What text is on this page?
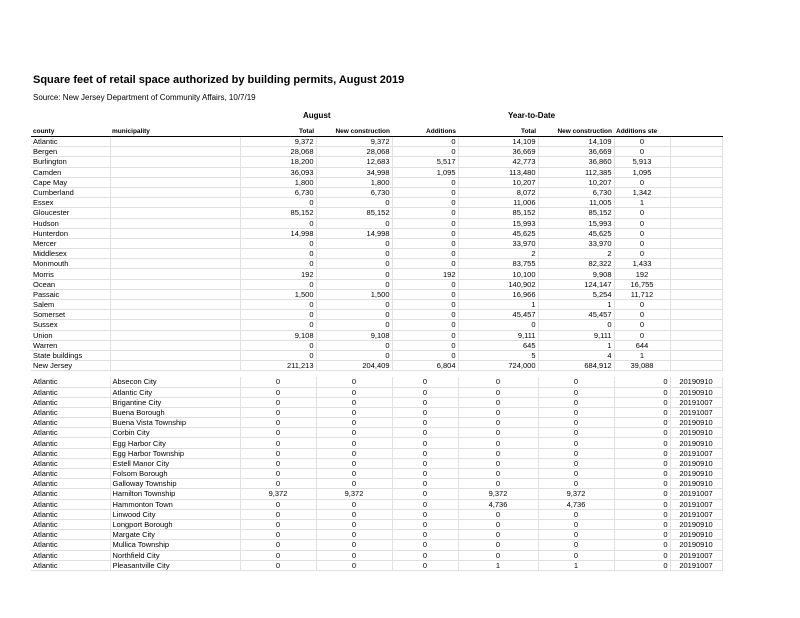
Square feet of retail space authorized by building permits, August 2019
Source: New Jersey Department of Community Affairs, 10/7/19
August	Year-to-Date
county	municipality	Total	New construction	Additions	Total	New construction	Additions ste	
Atlantic		9,372	9,372	0	14,109	14,109	0	
Bergen		28,068	28,068	0	36,669	36,669	0	
Burlington		18,200	12,683	5,517	42,773	36,860	5,913	
Camden		36,093	34,998	1,095	113,480	112,385	1,095	
Cape May		1,800	1,800	0	10,207	10,207	0	
Cumberland		6,730	6,730	0	8,072	6,730	1,342	
Essex		0	0	0	11,006	11,005	1	
Gloucester		85,152	85,152	0	85,152	85,152	0	
Hudson		0	0	0	15,993	15,993	0	
Hunterdon		14,998	14,998	0	45,625	45,625	0	
Mercer		0	0	0	33,970	33,970	0	
Middlesex		0	0	0	2	2	0	
Monmouth		0	0	0	83,755	82,322	1,433	
Morris		192	0	192	10,100	9,908	192	
Ocean		0	0	0	140,902	124,147	16,755	
Passaic		1,500	1,500	0	16,966	5,254	11,712	
Salem		0	0	0	1	1	0	
Somerset		0	0	0	45,457	45,457	0	
Sussex		0	0	0	0	0	0	
Union		9,108	9,108	0	9,111	9,111	0	
Warren		0	0	0	645	1	644	
State buildings		0	0	0	5	4	1	
New Jersey		211,213	204,409	6,804	724,000	684,912	39,088	

Atlantic	Absecon City	0	0	0	0	0	0	20190910
Atlantic	Atlantic City	0	0	0	0	0	0	20190910
Atlantic	Brigantine City	0	0	0	0	0	0	20191007
Atlantic	Buena Borough	0	0	0	0	0	0	20191007
Atlantic	Buena Vista Township	0	0	0	0	0	0	20190910
Atlantic	Corbin City	0	0	0	0	0	0	20190910
Atlantic	Egg Harbor City	0	0	0	0	0	0	20190910
Atlantic	Egg Harbor Township	0	0	0	0	0	0	20191007
Atlantic	Estell Manor City	0	0	0	0	0	0	20190910
Atlantic	Folsom Borough	0	0	0	0	0	0	20190910
Atlantic	Galloway Township	0	0	0	0	0	0	20190910
Atlantic	Hamilton Township	9,372	9,372	0	9,372	9,372	0	20191007
Atlantic	Hammonton Town	0	0	0	4,736	4,736	0	20191007
Atlantic	Linwood City	0	0	0	0	0	0	20191007
Atlantic	Longport Borough	0	0	0	0	0	0	20190910
Atlantic	Margate City	0	0	0	0	0	0	20190910
Atlantic	Mullica Township	0	0	0	0	0	0	20190910
Atlantic	Northfield City	0	0	0	0	0	0	20191007
Atlantic	Pleasantville City	0	0	0	1	1	0	20191007
